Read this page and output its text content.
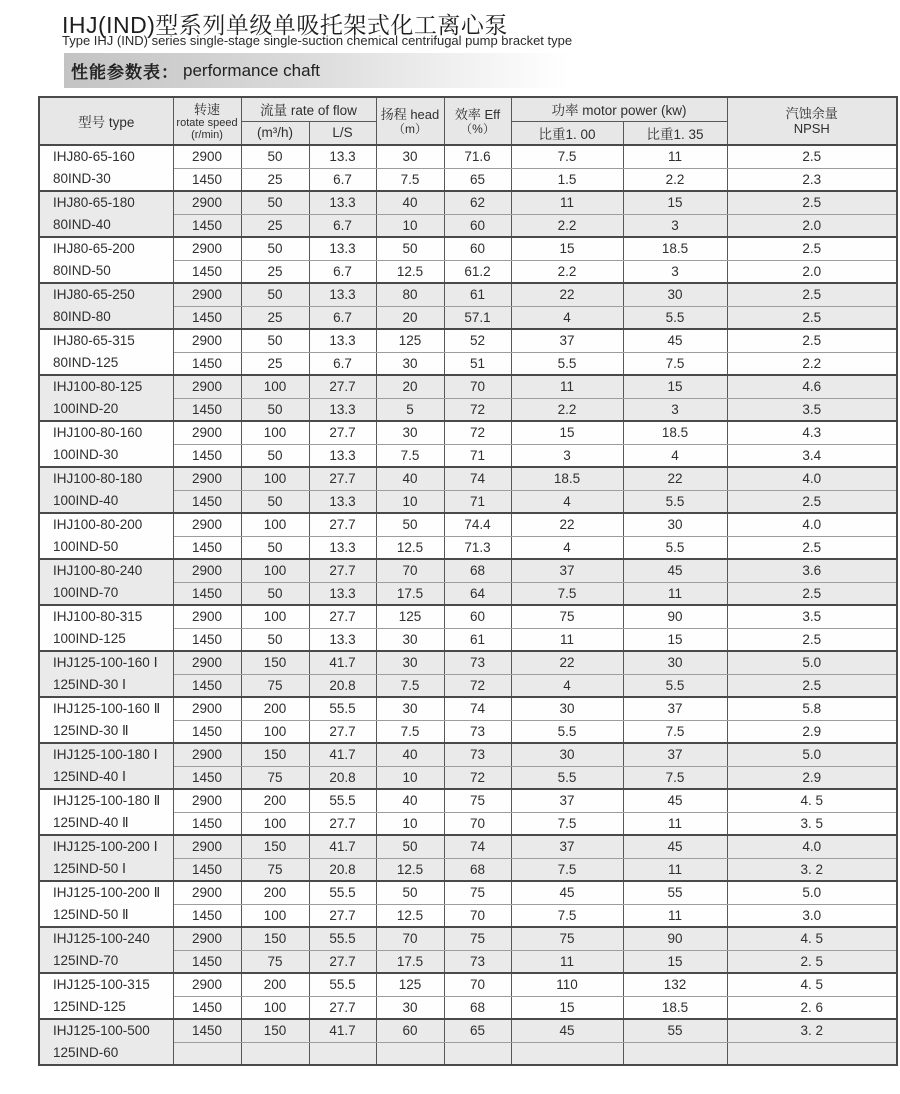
IHJ(IND)型系列单级单吸托架式化工离心泵
Type IHJ (IND) series single-stage single-suction chemical centrifugal pump bracket type
性能参数表： performance chaft
型号 type	
转速
rotate speed
(r/min)
	流量 rate of flow	扬程 head
（m）

效率 Eff
（%）
	功率 motor power (kw)	汽蚀余量
NPSH

		(m³/h)	L/S			比重1. 00	比重1. 35	

IHJ80-65-160
80IND-30	2900	50	13.3	30	71.6	7.5	11	2.5
	1450	25	6.7	7.5	65	1.5	2.2	2.3

IHJ80-65-180
80IND-40	2900	50	13.3	40	62	11	15	2.5
	1450	25	6.7	10	60	2.2	3	2.0

IHJ80-65-200
80IND-50	2900	50	13.3	50	60	15	18.5	2.5
	1450	25	6.7	12.5	61.2	2.2	3	2.0

IHJ80-65-250
80IND-80	2900	50	13.3	80	61	22	30	2.5
	1450	25	6.7	20	57.1	4	5.5	2.5

IHJ80-65-315
80IND-125	2900	50	13.3	125	52	37	45	2.5
	1450	25	6.7	30	51	5.5	7.5	2.2

IHJ100-80-125
100IND-20	2900	100	27.7	20	70	11	15	4.6
	1450	50	13.3	5	72	2.2	3	3.5

IHJ100-80-160
100IND-30	2900	100	27.7	30	72	15	18.5	4.3
	1450	50	13.3	7.5	71	3	4	3.4

IHJ100-80-180
100IND-40	2900	100	27.7	40	74	18.5	22	4.0
	1450	50	13.3	10	71	4	5.5	2.5

IHJ100-80-200
100IND-50	2900	100	27.7	50	74.4	22	30	4.0
	1450	50	13.3	12.5	71.3	4	5.5	2.5

IHJ100-80-240
100IND-70	2900	100	27.7	70	68	37	45	3.6
	1450	50	13.3	17.5	64	7.5	11	2.5

IHJ100-80-315
100IND-125	2900	100	27.7	125	60	75	90	3.5
	1450	50	13.3	30	61	11	15	2.5

IHJ125-100-160 Ⅰ
125IND-30 Ⅰ	2900	150	41.7	30	73	22	30	5.0
	1450	75	20.8	7.5	72	4	5.5	2.5

IHJ125-100-160 Ⅱ
125IND-30 Ⅱ	2900	200	55.5	30	74	30	37	5.8
	1450	100	27.7	7.5	73	5.5	7.5	2.9

IHJ125-100-180 Ⅰ
125IND-40 Ⅰ	2900	150	41.7	40	73	30	37	5.0
	1450	75	20.8	10	72	5.5	7.5	2.9

IHJ125-100-180 Ⅱ
125IND-40 Ⅱ	2900	200	55.5	40	75	37	45	4. 5
	1450	100	27.7	10	70	7.5	11	3. 5

IHJ125-100-200 Ⅰ
125IND-50 Ⅰ	2900	150	41.7	50	74	37	45	4.0
	1450	75	20.8	12.5	68	7.5	11	3. 2

IHJ125-100-200 Ⅱ
125IND-50 Ⅱ	2900	200	55.5	50	75	45	55	5.0
	1450	100	27.7	12.5	70	7.5	11	3.0

IHJ125-100-240
125IND-70	2900	150	55.5	70	75	75	90	4. 5
	1450	75	27.7	17.5	73	11	15	2. 5

IHJ125-100-315
125IND-125	2900	200	55.5	125	70	110	132	4. 5
	1450	100	27.7	30	68	15	18.5	2. 6

IHJ125-100-500
125IND-60	1450	150	41.7	60	65	45	55	3. 2
